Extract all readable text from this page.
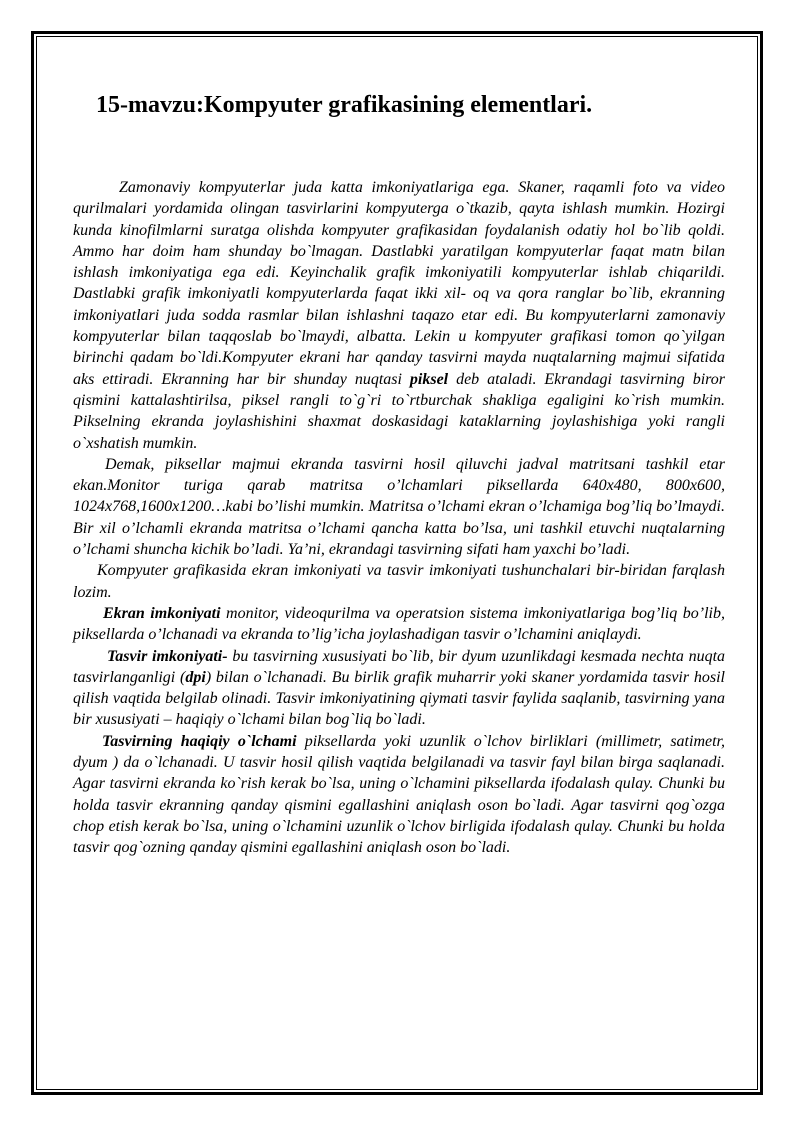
15-mavzu:Kompyuter grafikasining elementlari.

Zamonaviy kompyuterlar juda katta imkoniyatlariga ega. Skaner, raqamli foto va video qurilmalari yordamida olingan tasvirlarini kompyuterga o`tkazib, qayta ishlash mumkin. Hozirgi kunda kinofilmlarni suratga olishda kompyuter grafikasidan foydalanish odatiy hol bo`lib qoldi. Ammo har doim ham shunday bo`lmagan. Dastlabki yaratilgan kompyuterlar faqat matn bilan ishlash imkoniyatiga ega edi. Keyinchalik grafik imkoniyatili kompyuterlar ishlab chiqarildi. Dastlabki grafik imkoniyatli kompyuterlarda faqat ikki xil- oq va qora ranglar bo`lib, ekranning imkoniyatlari juda sodda rasmlar bilan ishlashni taqazo etar edi. Bu kompyuterlarni zamonaviy kompyuterlar bilan taqqoslab bo`lmaydi, albatta. Lekin u kompyuter grafikasi tomon qo`yilgan birinchi qadam bo`ldi.Kompyuter ekrani har qanday tasvirni mayda nuqtalarning majmui sifatida aks ettiradi. Ekranning har bir shunday nuqtasi piksel deb ataladi. Ekrandagi tasvirning biror qismini kattalashtirilsa, piksel rangli to`g`ri to`rtburchak shakliga egaligini ko`rish mumkin. Pikselning ekranda joylashishini shaxmat doskasidagi kataklarning joylashishiga yoki rangli o`xshatish mumkin.

Demak, piksellar majmui ekranda tasvirni hosil qiluvchi jadval matritsani tashkil etar ekan.Monitor turiga qarab matritsa o’lchamlari piksellarda 640x480, 800x600, 1024x768,1600x1200…kabi bo’lishi mumkin. Matritsa o’lchami ekran o’lchamiga bog’liq bo’lmaydi. Bir xil o’lchamli ekranda matritsa o’lchami qancha katta bo’lsa, uni tashkil etuvchi nuqtalarning o’lchami shuncha kichik bo’ladi. Ya’ni, ekrandagi tasvirning sifati ham yaxchi bo’ladi.

Kompyuter grafikasida ekran imkoniyati va tasvir imkoniyati tushunchalari bir-biridan farqlash lozim.

Ekran imkoniyati monitor, videoqurilma va operatsion sistema imkoniyatlariga bog’liq bo’lib, piksellarda o’lchanadi va ekranda to’lig’icha joylashadigan tasvir o’lchamini aniqlaydi.

Tasvir imkoniyati- bu tasvirning xususiyati bo`lib, bir dyum uzunlikdagi kesmada nechta nuqta tasvirlanganligi (dpi) bilan o`lchanadi. Bu birlik grafik muharrir yoki skaner yordamida tasvir hosil qilish vaqtida belgilab olinadi. Tasvir imkoniyatining qiymati tasvir faylida saqlanib, tasvirning yana bir xususiyati – haqiqiy o`lchami bilan bog`liq bo`ladi.

Tasvirning haqiqiy o`lchami piksellarda yoki uzunlik o`lchov birliklari (millimetr, satimetr, dyum ) da o`lchanadi. U tasvir hosil qilish vaqtida belgilanadi va tasvir fayl bilan birga saqlanadi. Agar tasvirni ekranda ko`rish kerak bo`lsa, uning o`lchamini piksellarda ifodalash qulay. Chunki bu holda tasvir ekranning qanday qismini egallashini aniqlash oson bo`ladi. Agar tasvirni qog`ozga chop etish kerak bo`lsa, uning o`lchamini uzunlik o`lchov birligida ifodalash qulay. Chunki bu holda tasvir qog`ozning qanday qismini egallashini aniqlash oson bo`ladi.
